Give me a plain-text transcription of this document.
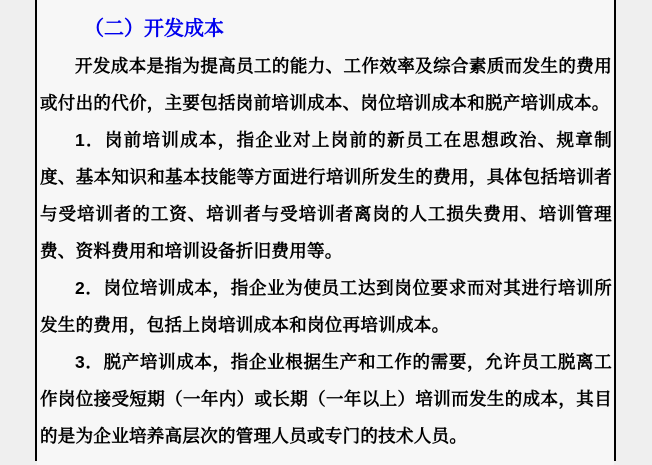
（二）开发成本

开发成本是指为提高员工的能力、工作效率及综合素质而发生的费用或付出的代价，主要包括岗前培训成本、岗位培训成本和脱产培训成本。

1．岗前培训成本，指企业对上岗前的新员工在思想政治、规章制度、基本知识和基本技能等方面进行培训所发生的费用，具体包括培训者与受培训者的工资、培训者与受培训者离岗的人工损失费用、培训管理费、资料费用和培训设备折旧费用等。

2．岗位培训成本，指企业为使员工达到岗位要求而对其进行培训所发生的费用，包括上岗培训成本和岗位再培训成本。

3．脱产培训成本，指企业根据生产和工作的需要，允许员工脱离工作岗位接受短期（一年内）或长期（一年以上）培训而发生的成本，其目的是为企业培养高层次的管理人员或专门的技术人员。
